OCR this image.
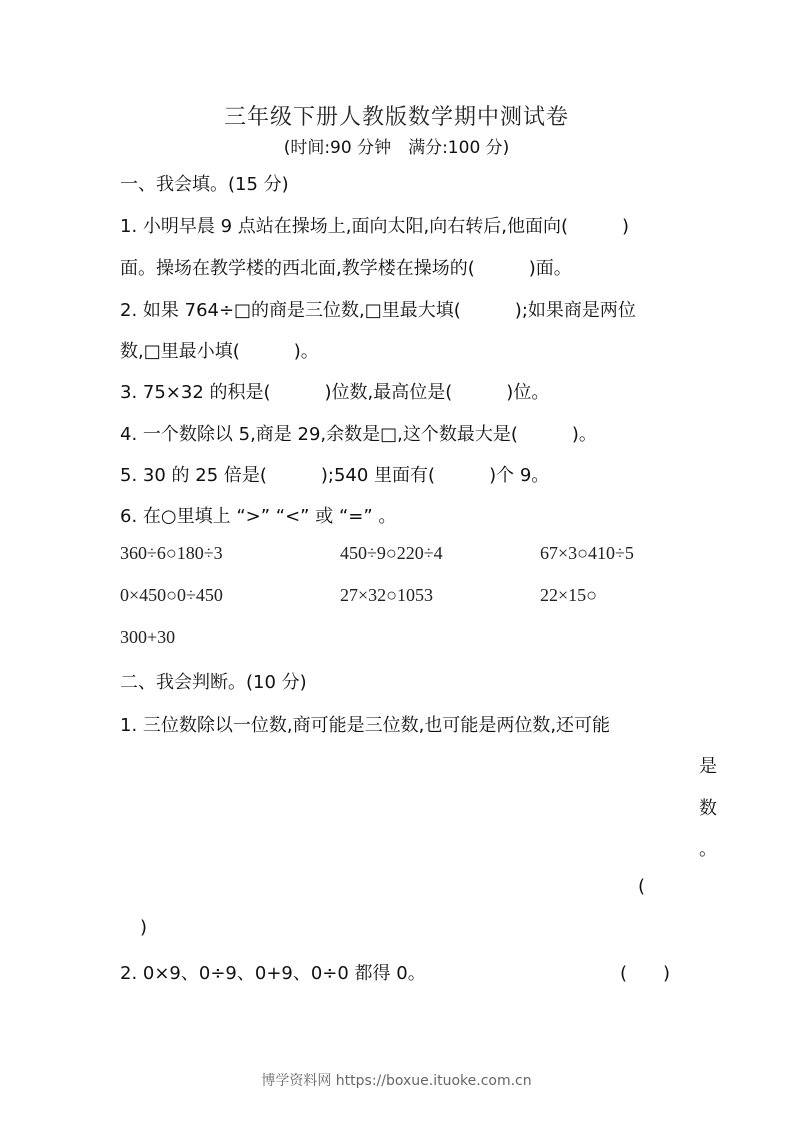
三年级下册人教版数学期中测试卷
(时间:90 分钟　满分:100 分)
一、我会填。(15 分)
1. 小明早晨 9 点站在操场上,面向太阳,向右转后,他面向(　　　)
面。操场在教学楼的西北面,教学楼在操场的(　　　)面。
2. 如果 764÷□的商是三位数,□里最大填(　　　);如果商是两位
数,□里最小填(　　　)。
3. 75×32 的积是(　　　)位数,最高位是(　　　)位。
4. 一个数除以 5,商是 29,余数是□,这个数最大是(　　　)。
5. 30 的 25 倍是(　　　);540 里面有(　　　)个 9。
6. 在○里填上 “>” “<” 或 “=” 。
360÷6○180÷3	450÷9○220÷4	67×3○410÷5
0×450○0÷450	27×32○1053	22×15○
300+30
二、我会判断。(10 分)
1. 三位数除以一位数,商可能是三位数,也可能是两位数,还可能
是
数
。
(
)
2. 0×9、0÷9、0+9、0÷0 都得 0。	(　　)
博学资料网 https://boxue.ituoke.com.cn
